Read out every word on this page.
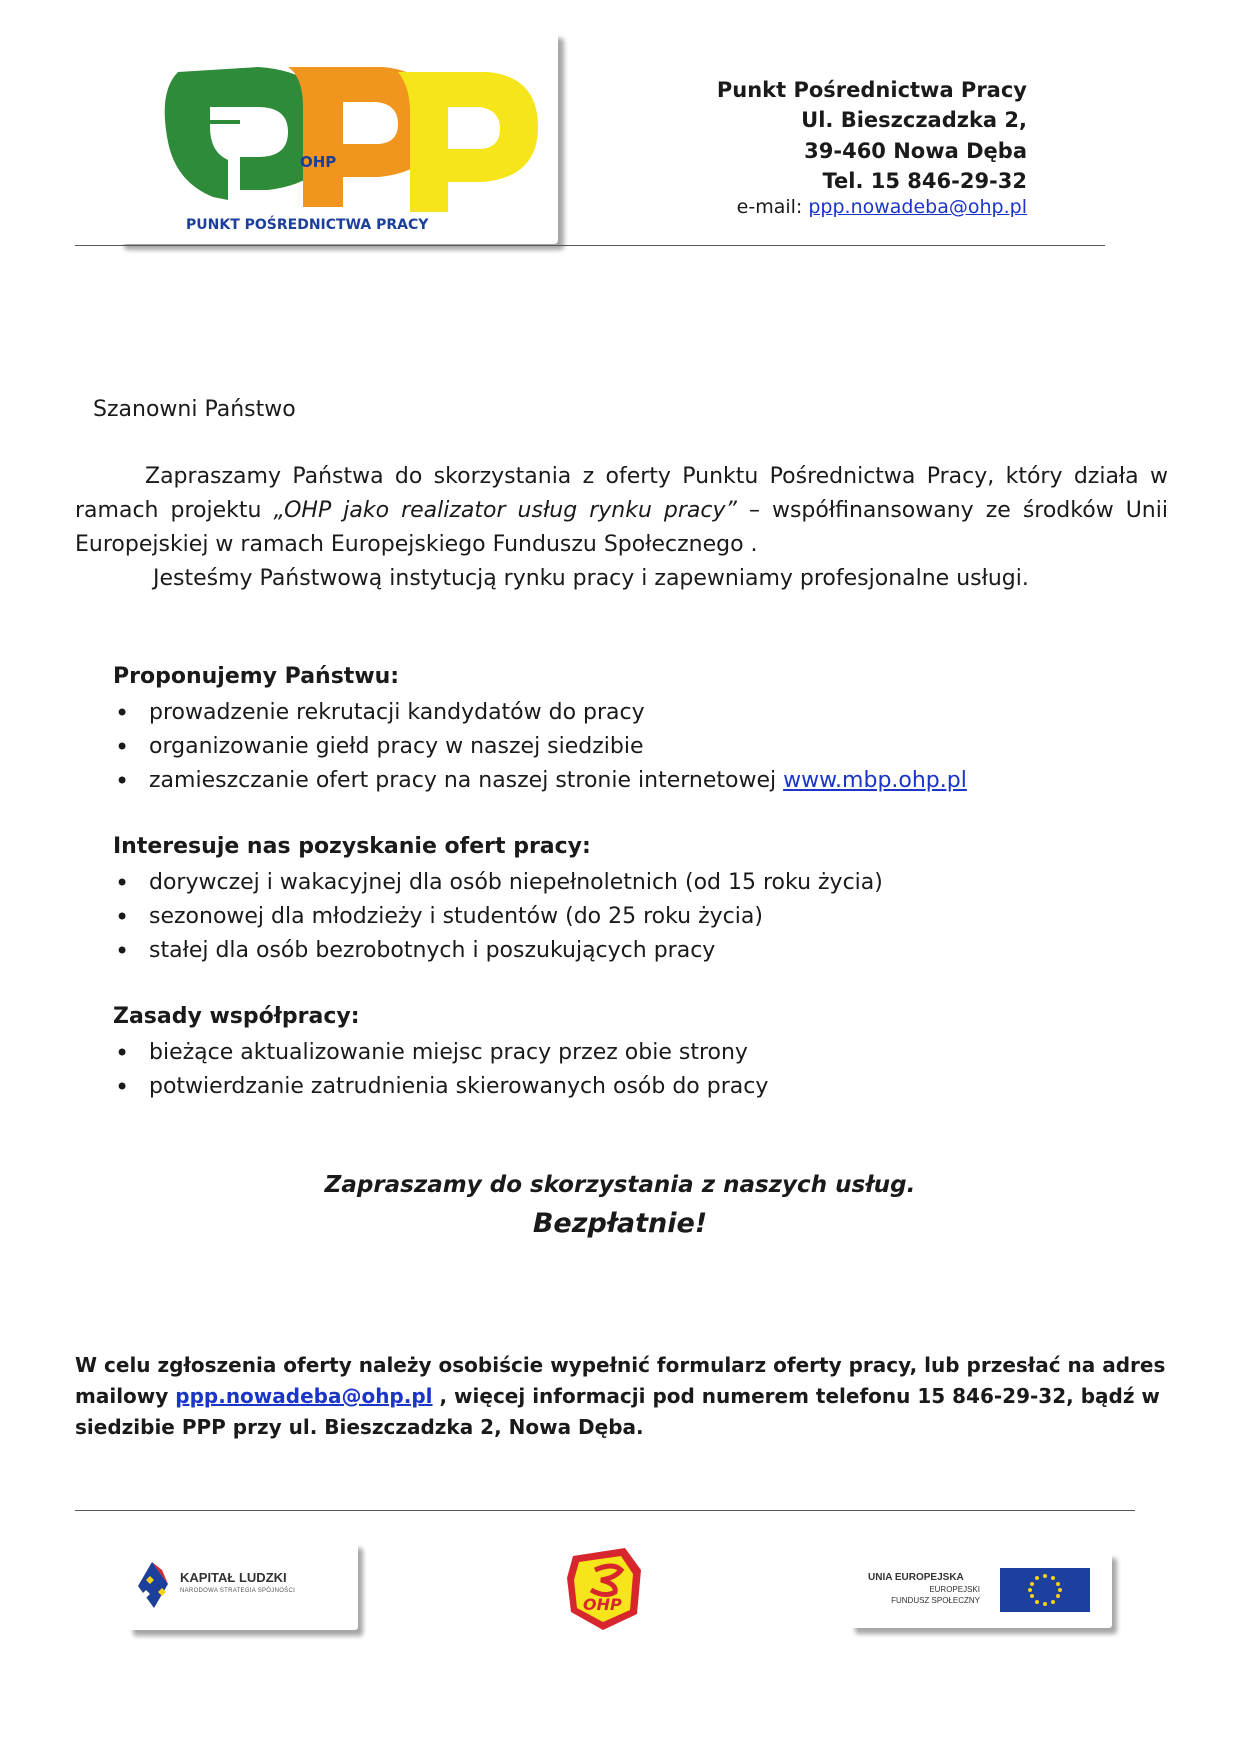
OHP
PUNKT POŚREDNICTWA PRACY
Punkt Pośrednictwa Pracy
Ul. Bieszczadzka 2,
39-460 Nowa Dęba
Tel. 15 846-29-32
e-mail: ppp.nowadeba@ohp.pl

Szanowni Państwo

Zapraszamy Państwa do skorzystania z oferty Punktu Pośrednictwa Pracy, który działa w ramach projektu „OHP jako realizator usług rynku pracy” – współfinansowany ze środków Unii Europejskiej w ramach Europejskiego Funduszu Społecznego .

Jesteśmy Państwową instytucją rynku pracy i zapewniamy profesjonalne usługi.

Proponujemy Państwu:

• prowadzenie rekrutacji kandydatów do pracy
• organizowanie giełd pracy w naszej siedzibie
• zamieszczanie ofert pracy na naszej stronie internetowej www.mbp.ohp.pl

Interesuje nas pozyskanie ofert pracy:

• dorywczej i wakacyjnej dla osób niepełnoletnich (od 15 roku życia)
• sezonowej dla młodzieży i studentów (do 25 roku życia)
• stałej dla osób bezrobotnych i poszukujących pracy

Zasady współpracy:

• bieżące aktualizowanie miejsc pracy przez obie strony
• potwierdzanie zatrudnienia skierowanych osób do pracy

Zapraszamy do skorzystania z naszych usług.

Bezpłatnie!

W celu zgłoszenia oferty należy osobiście wypełnić formularz oferty pracy, lub przesłać na adres mailowy ppp.nowadeba@ohp.pl , więcej informacji pod numerem telefonu 15 846-29-32, bądź w siedzibie PPP przy ul. Bieszczadzka 2, Nowa Dęba.

KAPITAŁ LUDZKI
NARODOWA STRATEGIA SPÓJNOŚCI
OHP
UNIA EUROPEJSKA
EUROPEJSKI
FUNDUSZ SPOŁECZNY
